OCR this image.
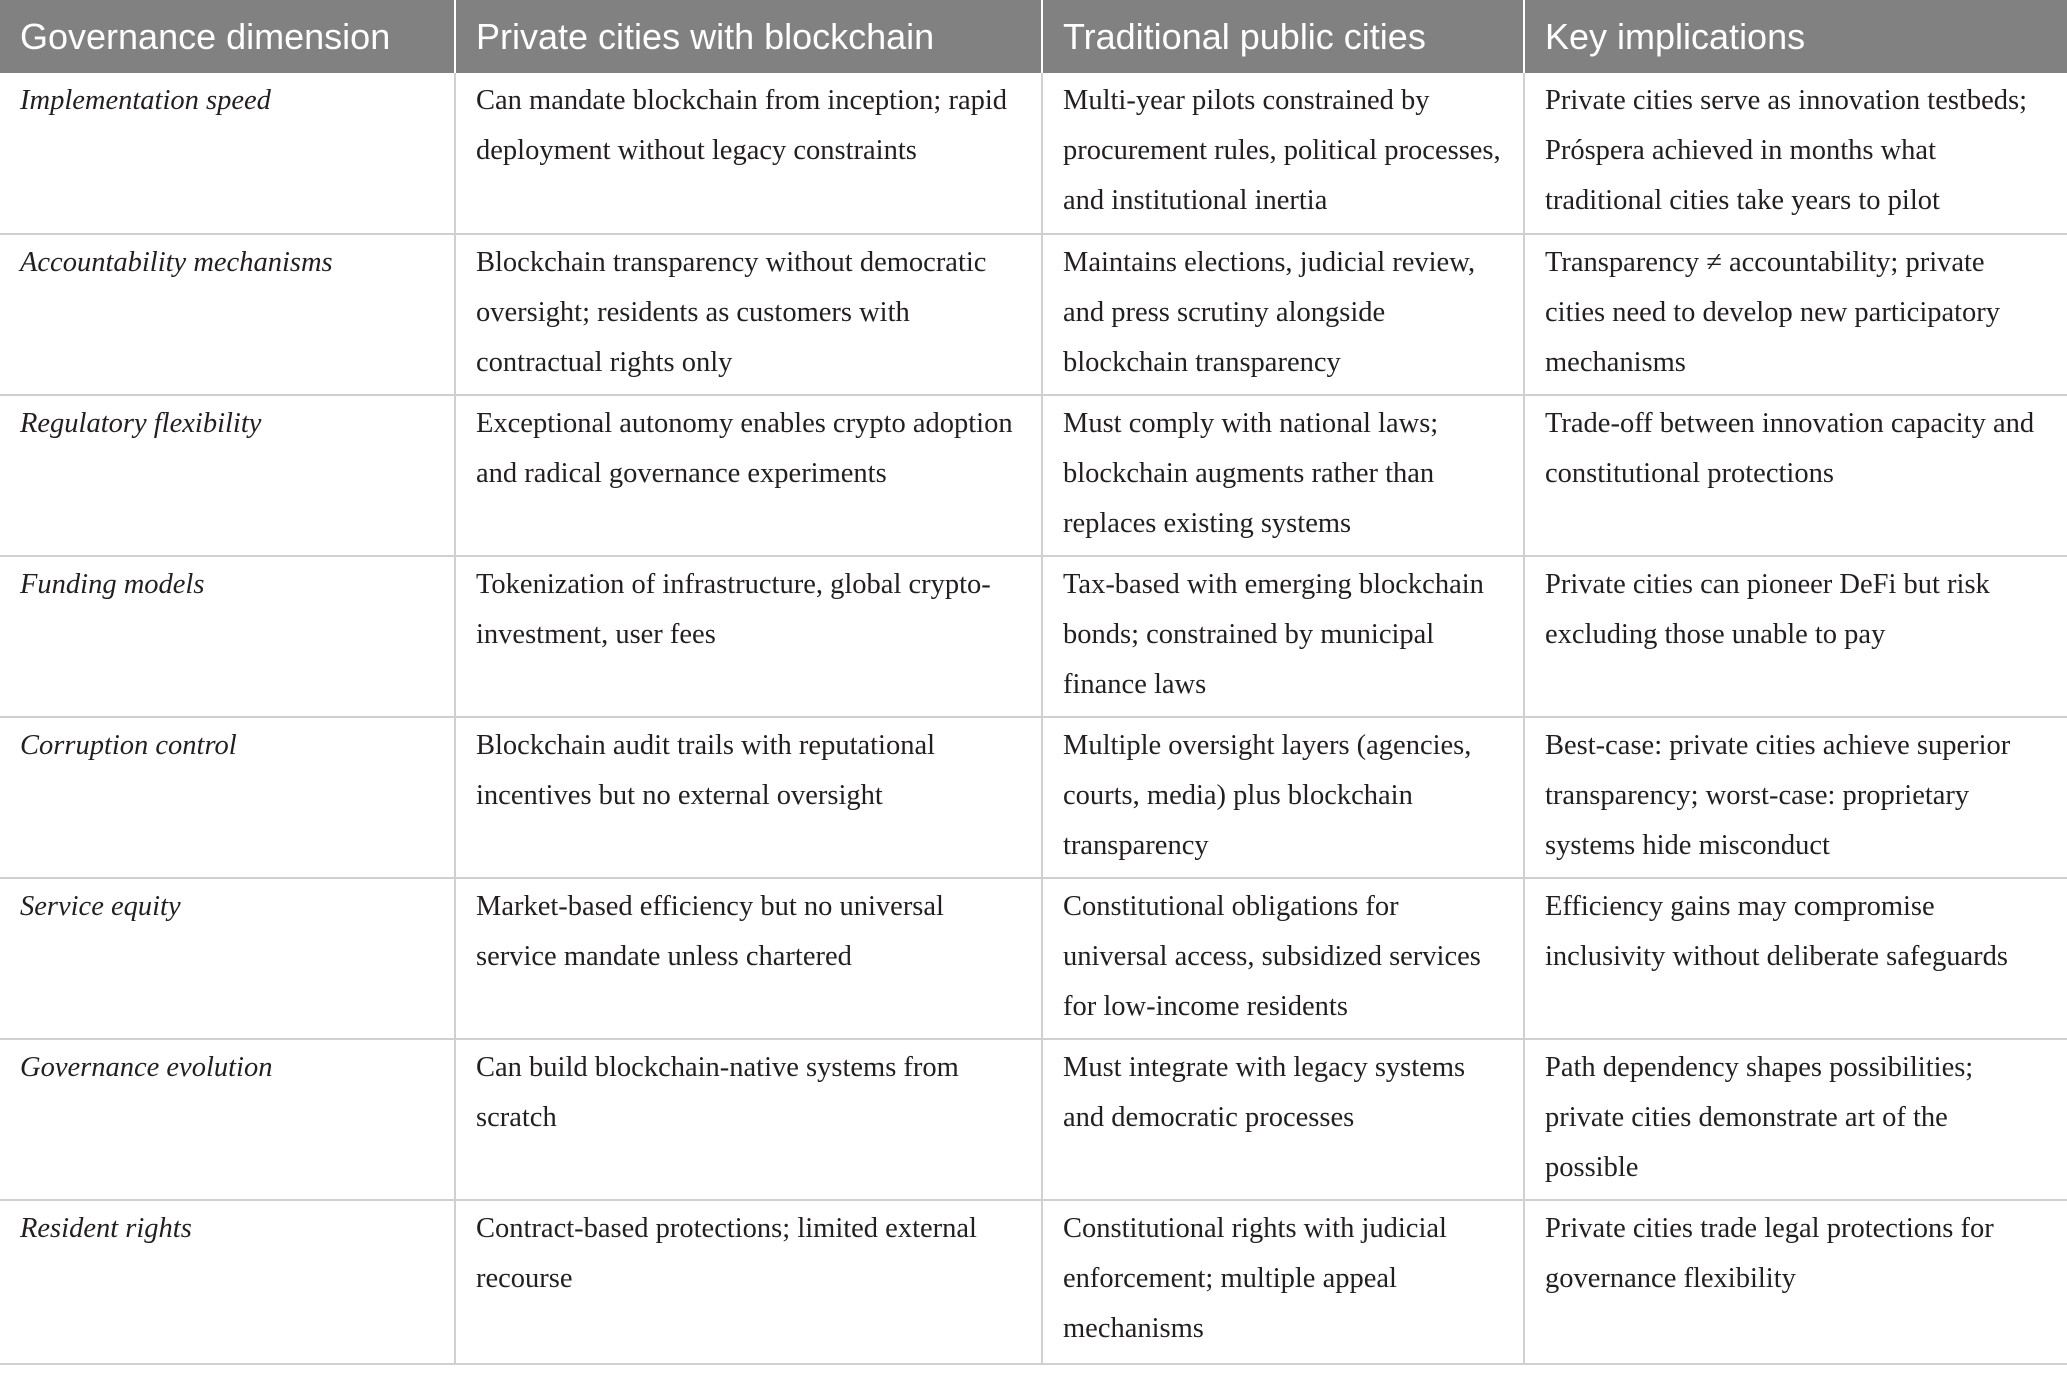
Governance dimension	Private cities with blockchain	Traditional public cities	Key implications
Implementation speed	Can mandate blockchain from inception; rapid deployment without legacy constraints	Multi-year pilots constrained by procurement rules, political processes, and institutional inertia	Private cities serve as innovation testbeds; Próspera achieved in months what traditional cities take years to pilot
Accountability mechanisms	Blockchain transparency without democratic oversight; residents as customers with contractual rights only	Maintains elections, judicial review, and press scrutiny alongside blockchain transparency	Transparency ≠ accountability; private cities need to develop new participatory mechanisms
Regulatory flexibility	Exceptional autonomy enables crypto adoption and radical governance experiments	Must comply with national laws; blockchain augments rather than replaces existing systems	Trade-off between innovation capacity and constitutional protections
Funding models	Tokenization of infrastructure, global crypto-investment, user fees	Tax-based with emerging blockchain bonds; constrained by municipal finance laws	Private cities can pioneer DeFi but risk excluding those unable to pay
Corruption control	Blockchain audit trails with reputational incentives but no external oversight	Multiple oversight layers (agencies, courts, media) plus blockchain transparency	Best-case: private cities achieve superior transparency; worst-case: proprietary systems hide misconduct
Service equity	Market-based efficiency but no universal service mandate unless chartered	Constitutional obligations for universal access, subsidized services for low-income residents	Efficiency gains may compromise inclusivity without deliberate safeguards
Governance evolution	Can build blockchain-native systems from scratch	Must integrate with legacy systems and democratic processes	Path dependency shapes possibilities; private cities demonstrate art of the possible
Resident rights	Contract-based protections; limited external recourse	Constitutional rights with judicial enforcement; multiple appeal mechanisms	Private cities trade legal protections for governance flexibility
